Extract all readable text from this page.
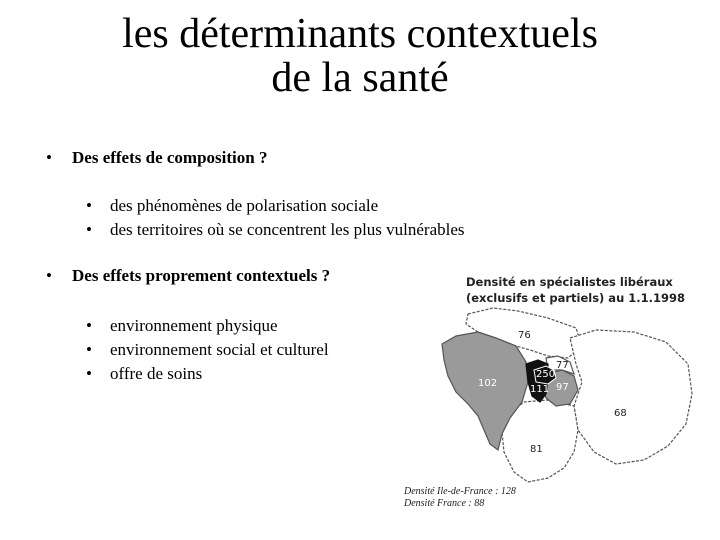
les déterminants contextuels
de la santé
• Des effets de composition ?
• des phénomènes de polarisation sociale
• des territoires où se concentrent les plus vulnérables
• Des effets proprement contextuels ?
• environnement physique
• environnement social et culturel
• offre de soins
Densité en spécialistes libéraux
(exclusifs et partiels) au 1.1.1998
76
102
250
77
111 97
68
81
Densité Ile-de-France : 128
Densité France : 88
